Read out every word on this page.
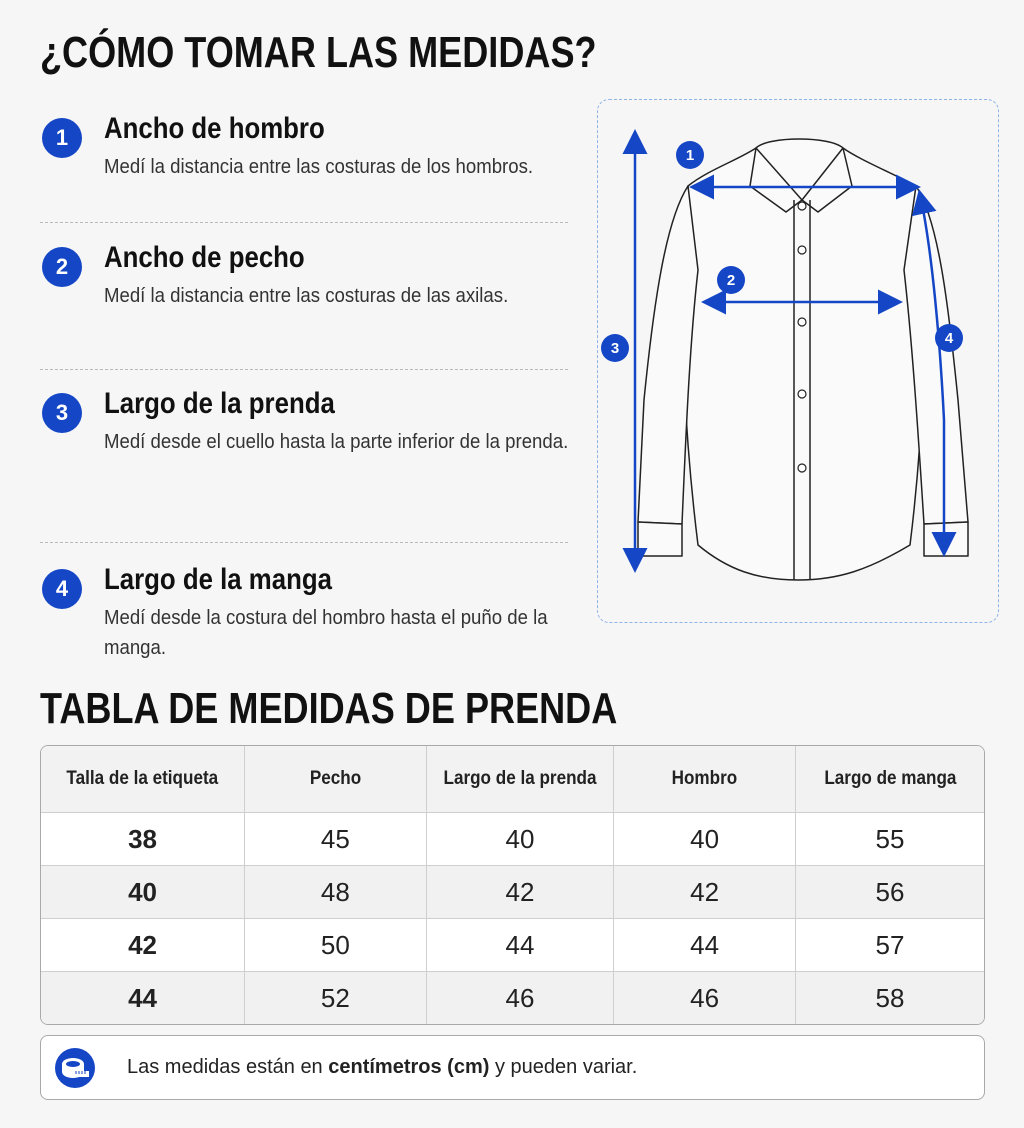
¿CÓMO TOMAR LAS MEDIDAS?
1	Ancho de hombro

Medí la distancia entre las costuras de los hombros.

2	Ancho de pecho

Medí la distancia entre las costuras de las axilas.

3	Largo de la prenda

Medí desde el cuello hasta la parte inferior de la prenda.

4	Largo de la manga

Medí desde la costura del hombro hasta el puño de la manga.

1
2
3
4
TABLA DE MEDIDAS DE PRENDA
Talla de la etiqueta	Pecho	Largo de la prenda	Hombro	Largo de manga
38	45	40	40	55
40	48	42	42	56
42	50	44	44	57
44	52	46	46	58
Las medidas están en centímetros (cm) y pueden variar.
